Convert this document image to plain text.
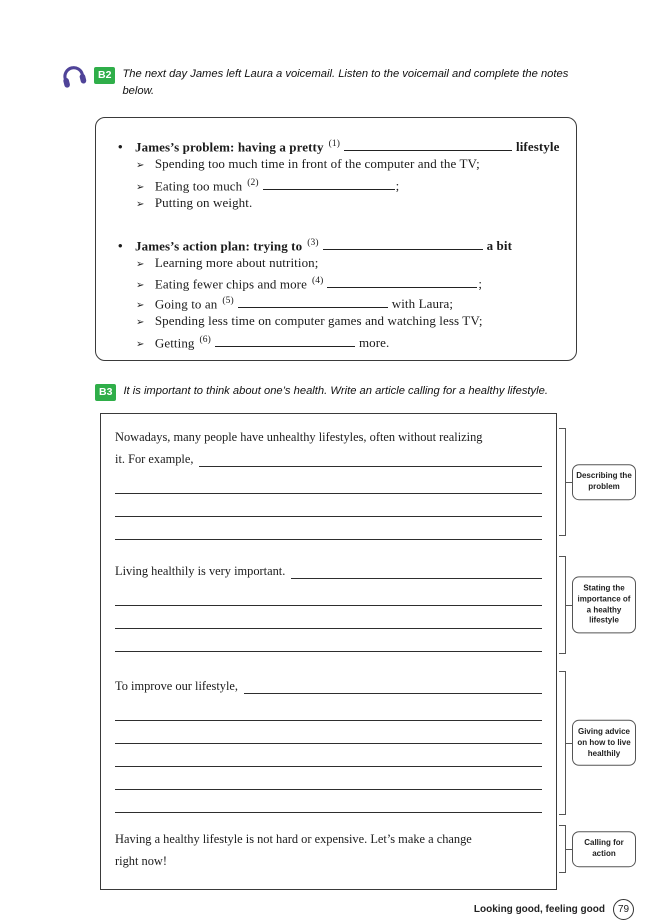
B2 The next day James left Laura a voicemail. Listen to the voicemail and complete the notes below.

• James’s problem: having a pretty $^{(1)}$	lifestyle
➢ Spending too much time in front of the computer and the TV;
➢ Eating too much $^{(2)}$	;
➢ Putting on weight.
• James’s action plan: trying to $^{(3)}$	a bit
➢ Learning more about nutrition;
➢ Eating fewer chips and more $^{(4)}$	;
➢ Going to an $^{(5)}$	with Laura;
➢ Spending less time on computer games and watching less TV;
➢ Getting $^{(6)}$	more.
B3 It is important to think about one’s health. Write an article calling for a healthy lifestyle.

Nowadays, many people have unhealthy lifestyles, often without realizing
it. For example,
Living healthily is very important.
To improve our lifestyle,
Having a healthy lifestyle is not hard or expensive. Let’s make a change
right now!
Describing the problem
Stating the importance of a healthy lifestyle
Giving advice on how to live healthily
Calling for action
Looking good, feeling good	79
